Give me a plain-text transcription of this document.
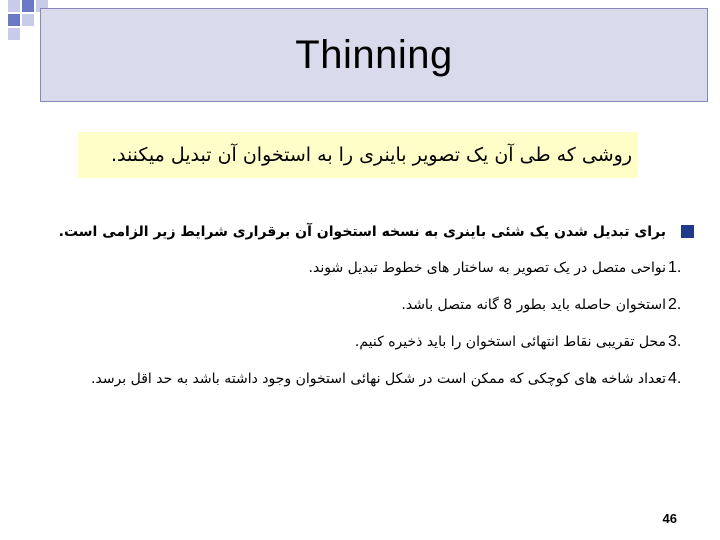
Thinning
روشی که طی آن یک تصویر باینری را به استخوان آن تبدیل میکنند.
برای تبدیل شدن یک شئی باینری به نسخه استخوان آن برقراری شرایط زیر الزامی است.
1.
نواحی متصل در یک تصویر به ساختار های خطوط تبدیل شوند.
2.
استخوان حاصله باید بطور 8 گانه متصل باشد.
3.
محل تقریبی نقاط انتهائی استخوان را باید ذخیره کنیم.
4.
تعداد شاخه های کوچکی که ممکن است در شکل نهائی استخوان وجود داشته باشد به حد اقل برسد.
46
